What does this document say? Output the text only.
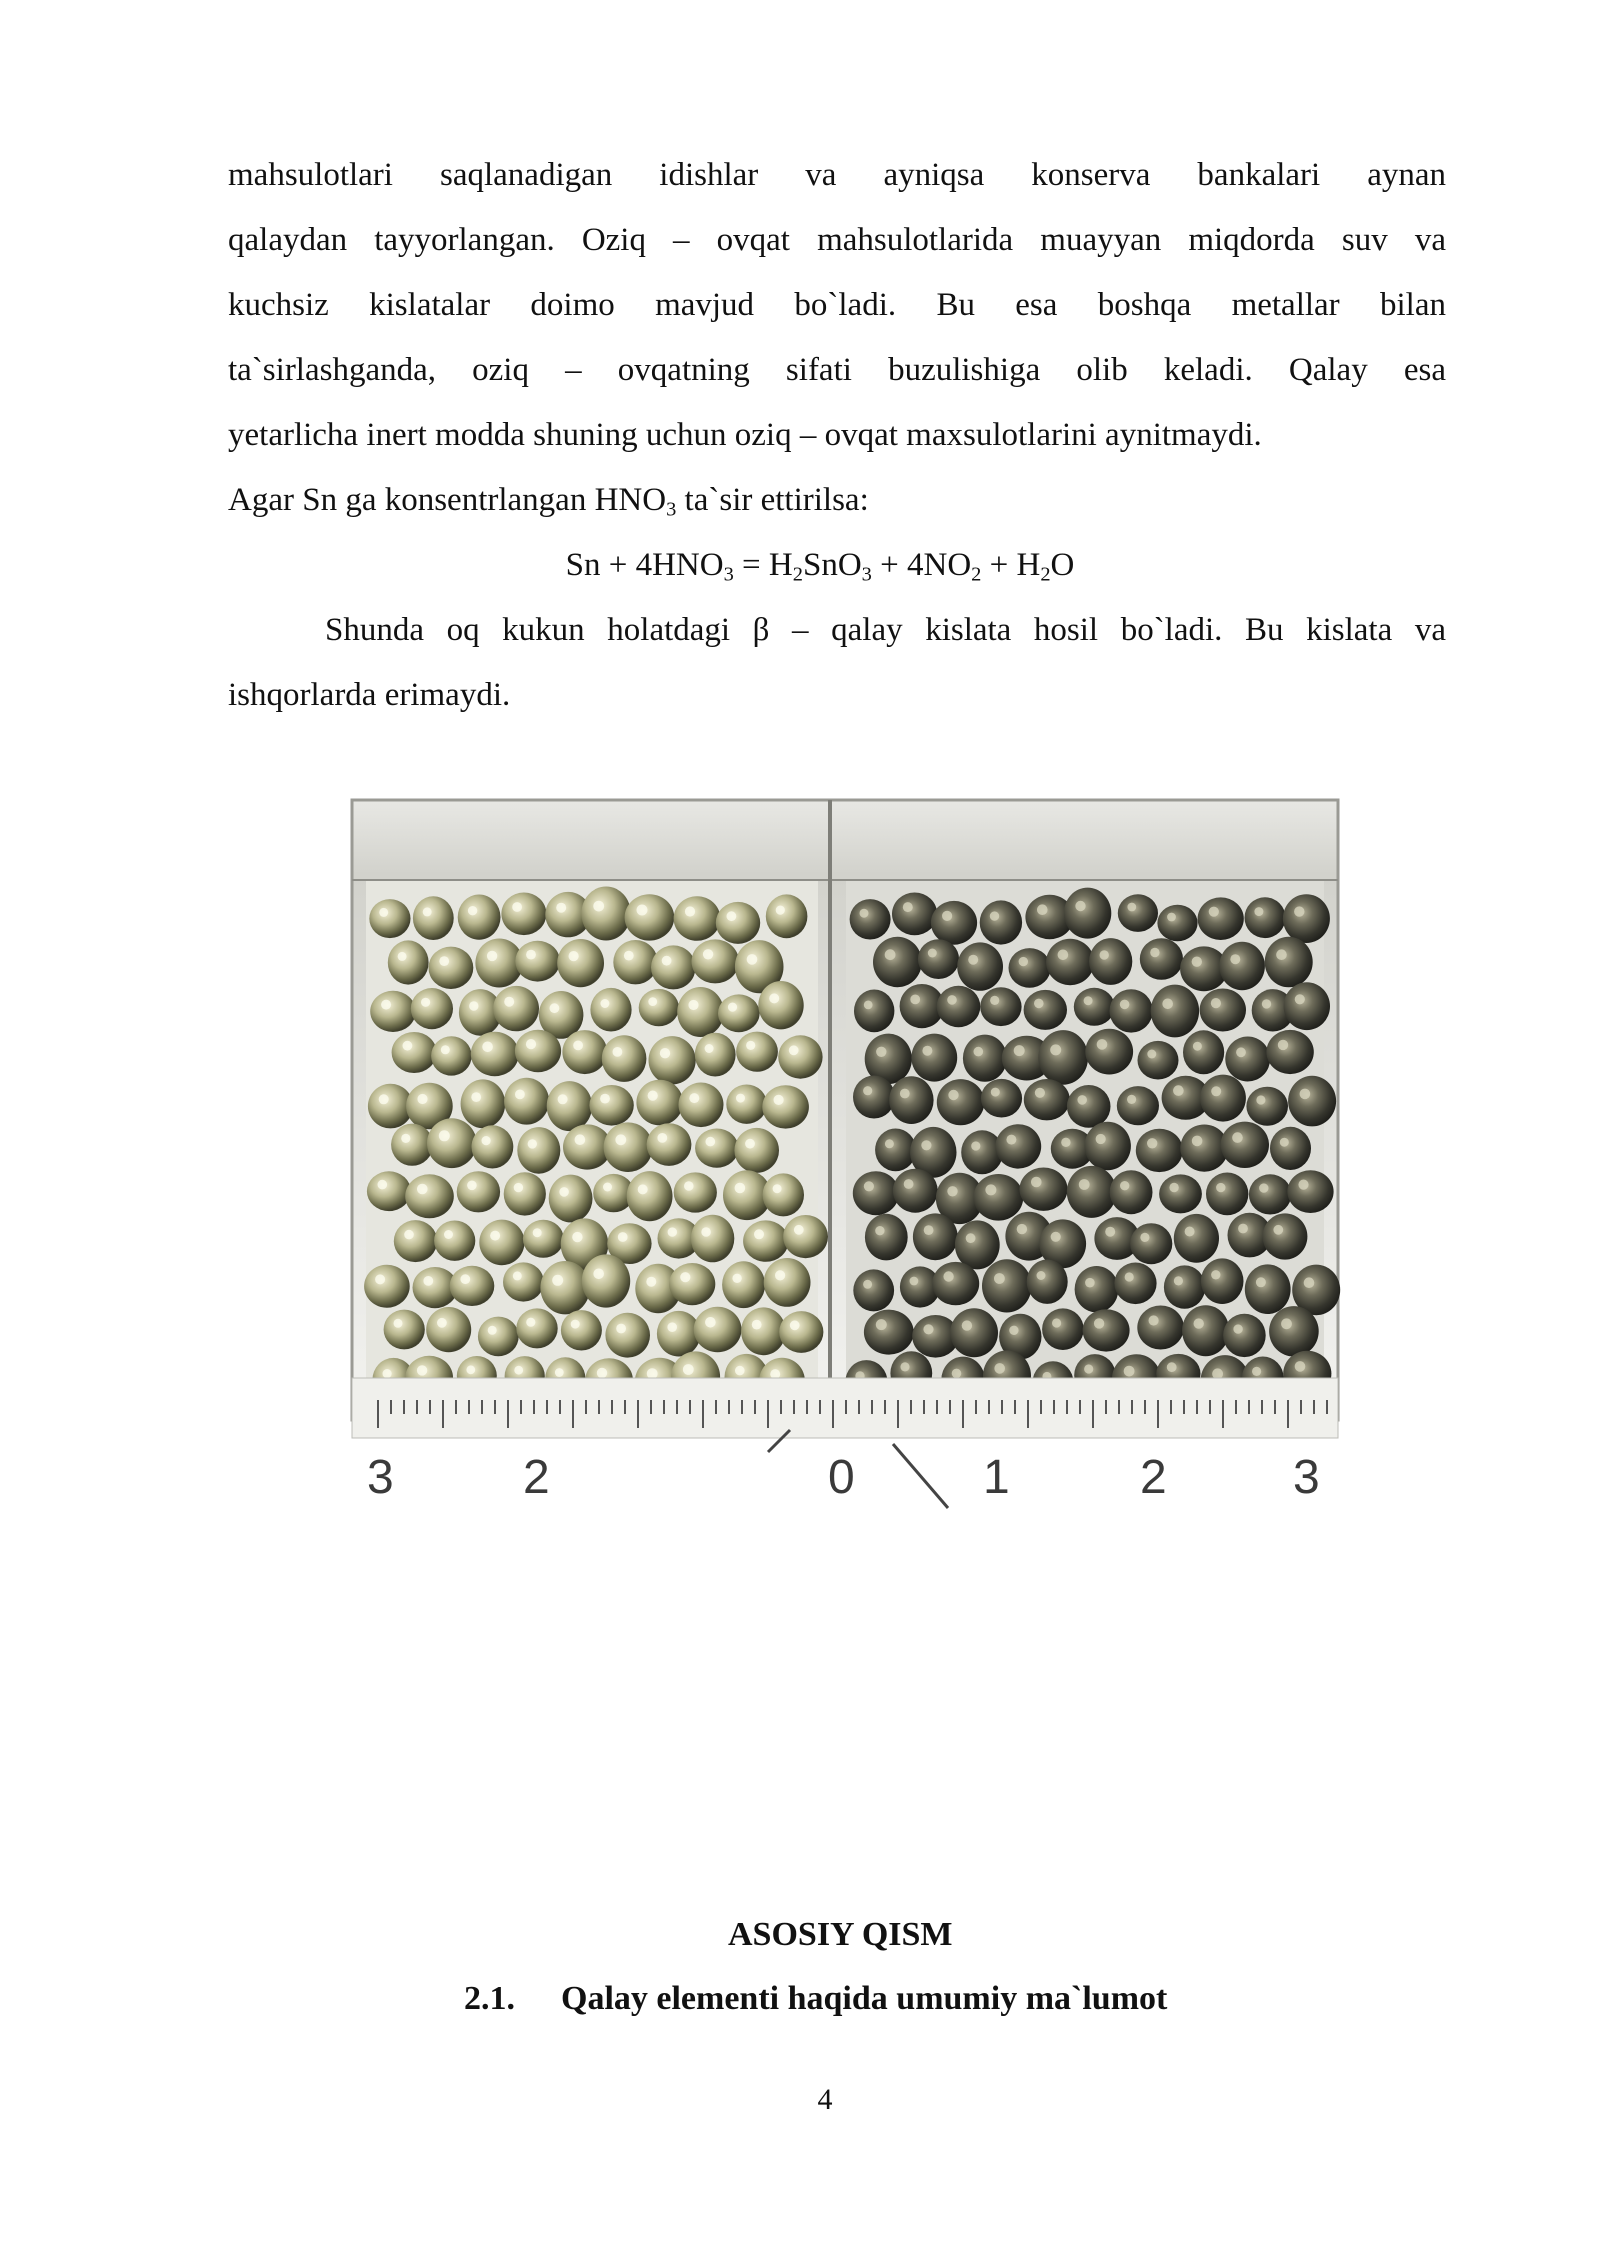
mahsulotlari saqlanadigan idishlar va ayniqsa konserva bankalari aynan
qalaydan tayyorlangan. Oziq – ovqat mahsulotlarida muayyan miqdorda suv va
kuchsiz kislatalar doimo mavjud bo`ladi. Bu esa boshqa metallar bilan
ta`sirlashganda, oziq – ovqatning sifati buzulishiga olib keladi. Qalay esa
yetarlicha inert modda shuning uchun oziq – ovqat maxsulotlarini aynitmaydi.

Agar Sn ga konsentrlangan $HNO_3$ ta`sir ettirilsa:

$Sn + 4HNO_3 = H_2SnO_3 + 4NO_2 + H_2O$

Shunda oq kukun holatdagi β – qalay kislata hosil bo`ladi. Bu kislata va
ishqorlarda erimaydi.
3	2	0	1	2	3
ASOSIY QISM
2.1. Qalay elementi haqida umumiy ma`lumot
4
